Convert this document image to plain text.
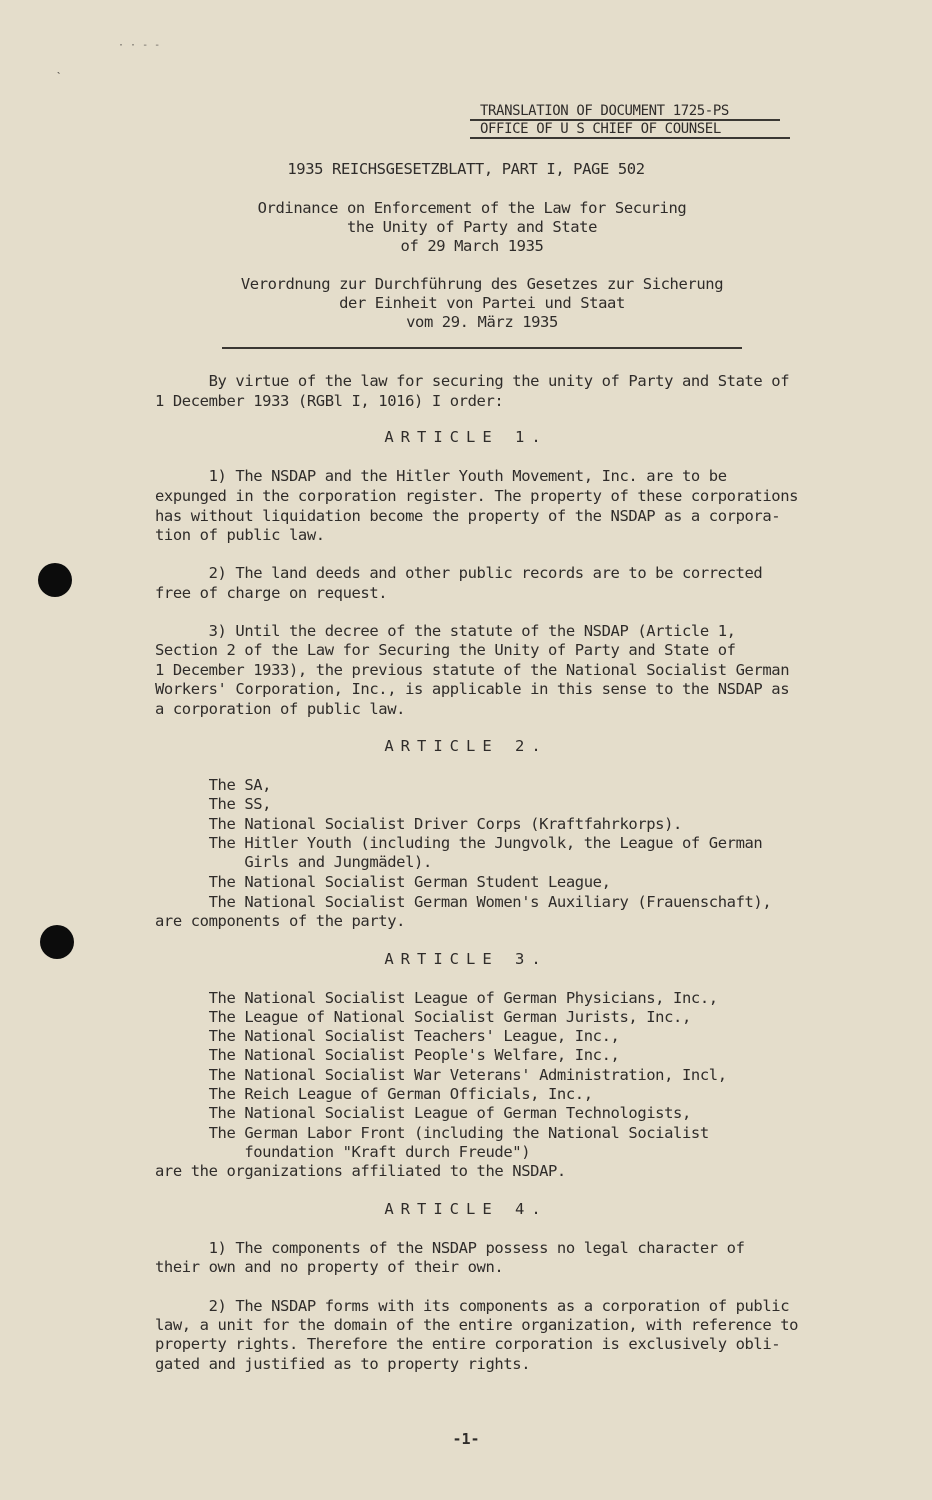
· · ‐ ‐
ˋ
TRANSLATION OF DOCUMENT 1725-PS
OFFICE OF U S CHIEF OF COUNSEL
1935 REICHSGESETZBLATT, PART I, PAGE 502
Ordinance on Enforcement of the Law for Securing
the Unity of Party and State
of 29 March 1935
Verordnung zur Durchführung des Gesetzes zur Sicherung
der Einheit von Partei und Staat
vom 29. März 1935
By virtue of the law for securing the unity of Party and State of
1 December 1933 (RGBl I, 1016) I order:
ARTICLE 1.
1) The NSDAP and the Hitler Youth Movement, Inc. are to be
expunged in the corporation register. The property of these corporations
has without liquidation become the property of the NSDAP as a corpora-
tion of public law.
2) The land deeds and other public records are to be corrected
free of charge on request.
3) Until the decree of the statute of the NSDAP (Article 1,
Section 2 of the Law for Securing the Unity of Party and State of
1 December 1933), the previous statute of the National Socialist German
Workers' Corporation, Inc., is applicable in this sense to the NSDAP as
a corporation of public law.
ARTICLE 2.
The SA,
The SS,
The National Socialist Driver Corps (Kraftfahrkorps).
The Hitler Youth (including the Jungvolk, the League of German
Girls and Jungmädel).
The National Socialist German Student League,
The National Socialist German Women's Auxiliary (Frauenschaft),
are components of the party.
ARTICLE 3.
The National Socialist League of German Physicians, Inc.,
The League of National Socialist German Jurists, Inc.,
The National Socialist Teachers' League, Inc.,
The National Socialist People's Welfare, Inc.,
The National Socialist War Veterans' Administration, Incl,
The Reich League of German Officials, Inc.,
The National Socialist League of German Technologists,
The German Labor Front (including the National Socialist
foundation "Kraft durch Freude")
are the organizations affiliated to the NSDAP.
ARTICLE 4.
1) The components of the NSDAP possess no legal character of
their own and no property of their own.
2) The NSDAP forms with its components as a corporation of public
law, a unit for the domain of the entire organization, with reference to
property rights. Therefore the entire corporation is exclusively obli-
gated and justified as to property rights.
-1-
